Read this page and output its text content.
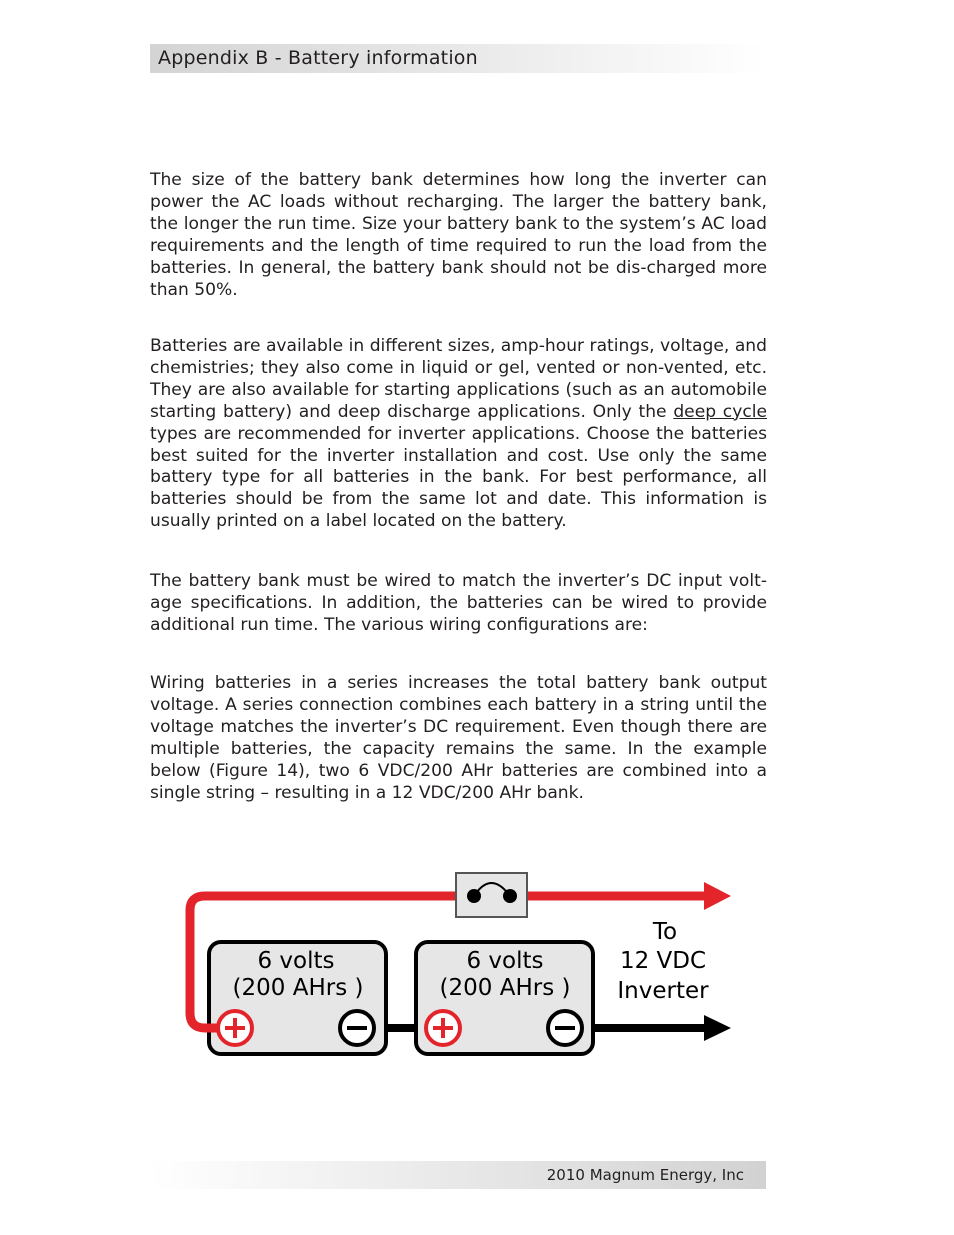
Appendix B - Battery information

The size of the battery bank determines how long the inverter can power the AC loads without recharging. The larger the battery bank, the longer the run time. Size your battery bank to the system’s AC load requirements and the length of time required to run the load from the batteries. In general, the battery bank should not be dis-charged more than 50%.

Batteries are available in different sizes, amp-hour ratings, voltage, and chemistries; they also come in liquid or gel, vented or non-vented, etc. They are also available for starting applications (such as an automobile starting battery) and deep discharge applications. Only the deep cycle types are recommended for inverter applications. Choose the batteries best suited for the inverter installation and cost. Use only the same battery type for all batteries in the bank. For best performance, all batteries should be from the same lot and date. This information is usually printed on a label located on the battery.

The battery bank must be wired to match the inverter’s DC input volt-age specifications. In addition, the batteries can be wired to provide additional run time. The various wiring configurations are:

Wiring batteries in a series increases the total battery bank output voltage. A series connection combines each battery in a string until the voltage matches the inverter’s DC requirement. Even though there are multiple batteries, the capacity remains the same. In the example below (Figure 14), two 6 VDC/200 AHr batteries are combined into a single string – resulting in a 12 VDC/200 AHr bank.

6 volts
(200 AHrs )
6 volts
(200 AHrs )
To
12 VDC
Inverter
2010 Magnum Energy, Inc
